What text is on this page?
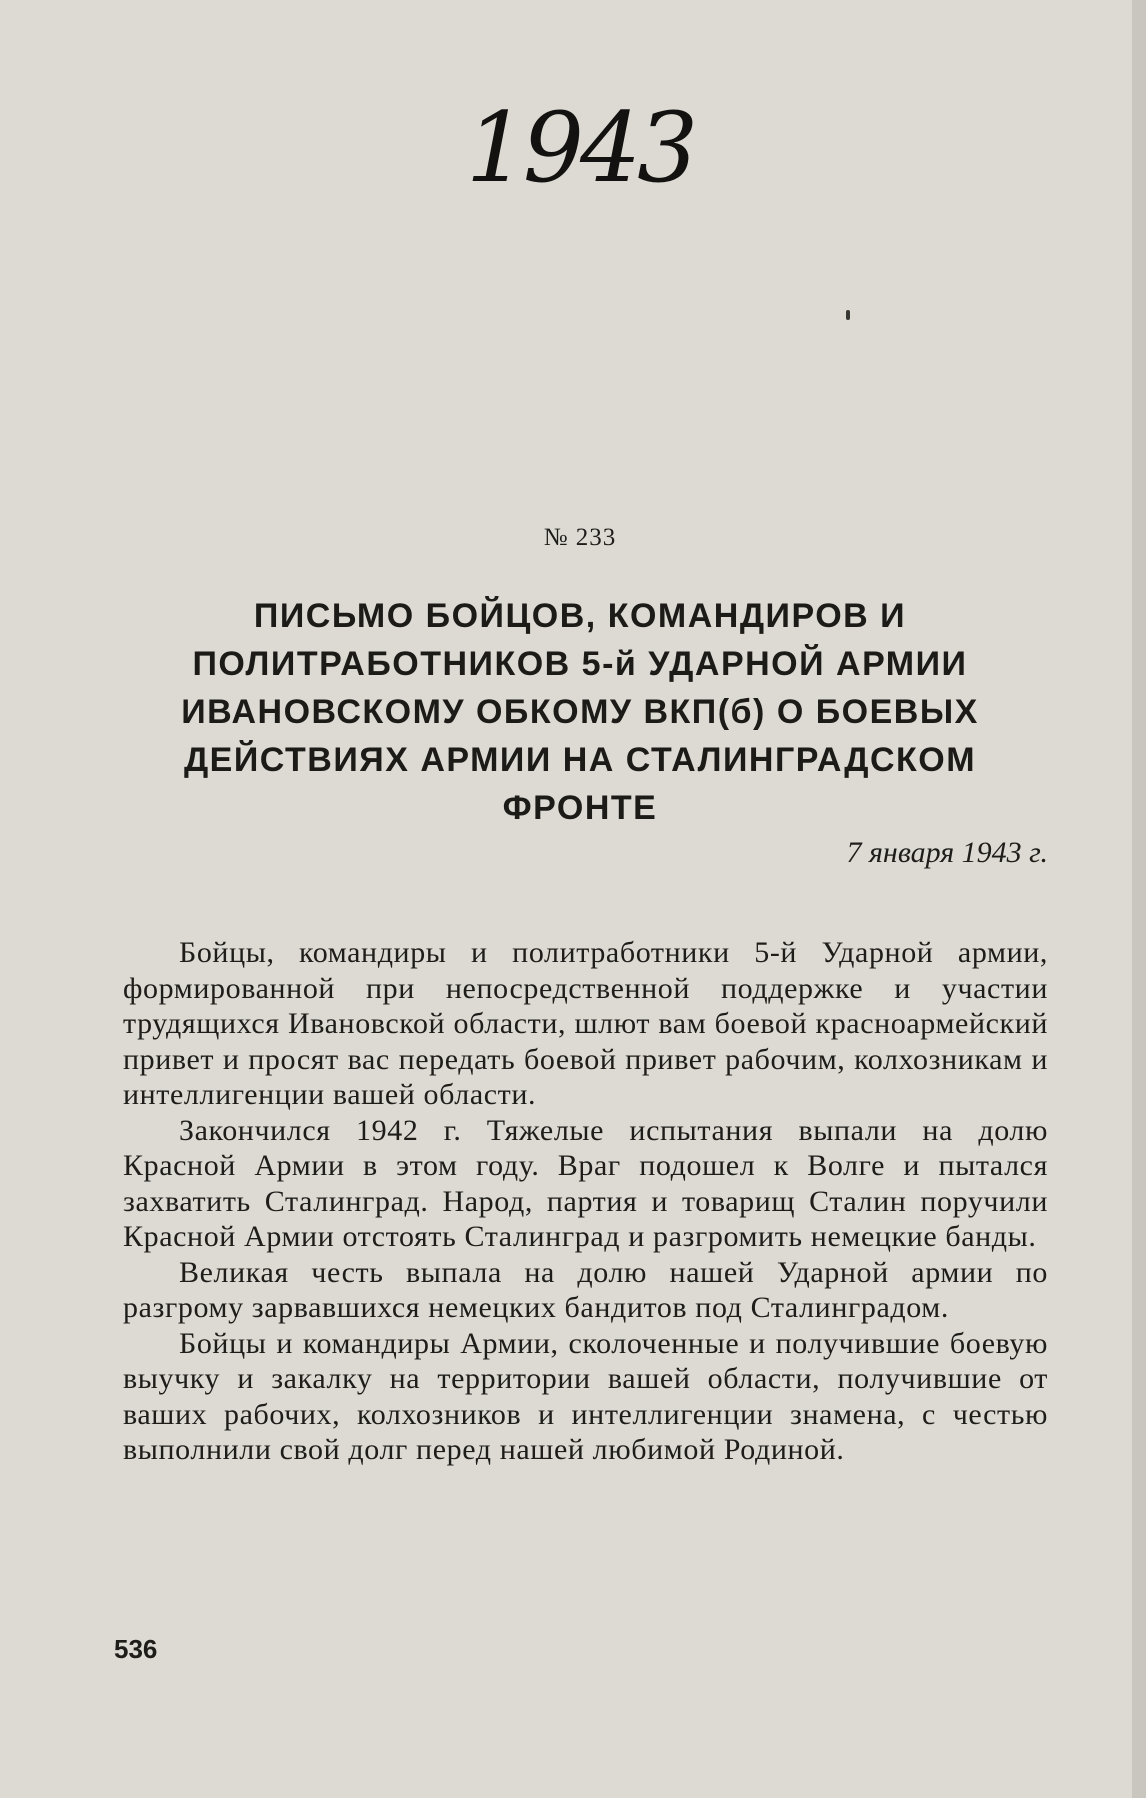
1943
№ 233
ПИСЬМО БОЙЦОВ, КОМАНДИРОВ И ПОЛИТРАБОТНИКОВ 5-й УДАРНОЙ АРМИИ ИВАНОВСКОМУ ОБКОМУ ВКП(б) О БОЕВЫХ ДЕЙСТВИЯХ АРМИИ НА СТАЛИНГРАДСКОМ ФРОНТЕ
7 января 1943 г.

Бойцы, командиры и политработники 5-й Ударной армии, формированной при непосредственной поддержке и участии трудящихся Ивановской области, шлют вам боевой красноармейский привет и просят вас передать боевой привет рабочим, колхозникам и интеллигенции вашей области.

Закончился 1942 г. Тяжелые испытания выпали на долю Красной Армии в этом году. Враг подошел к Волге и пытался захватить Сталинград. Народ, партия и товарищ Сталин поручили Красной Армии отстоять Сталинград и разгромить немецкие банды.

Великая честь выпала на долю нашей Ударной армии по разгрому зарвавшихся немецких бандитов под Сталинградом.

Бойцы и командиры Армии, сколоченные и получившие боевую выучку и закалку на территории вашей области, получившие от ваших рабочих, колхозников и интеллигенции знамена, с честью выполнили свой долг перед нашей любимой Родиной.

536
